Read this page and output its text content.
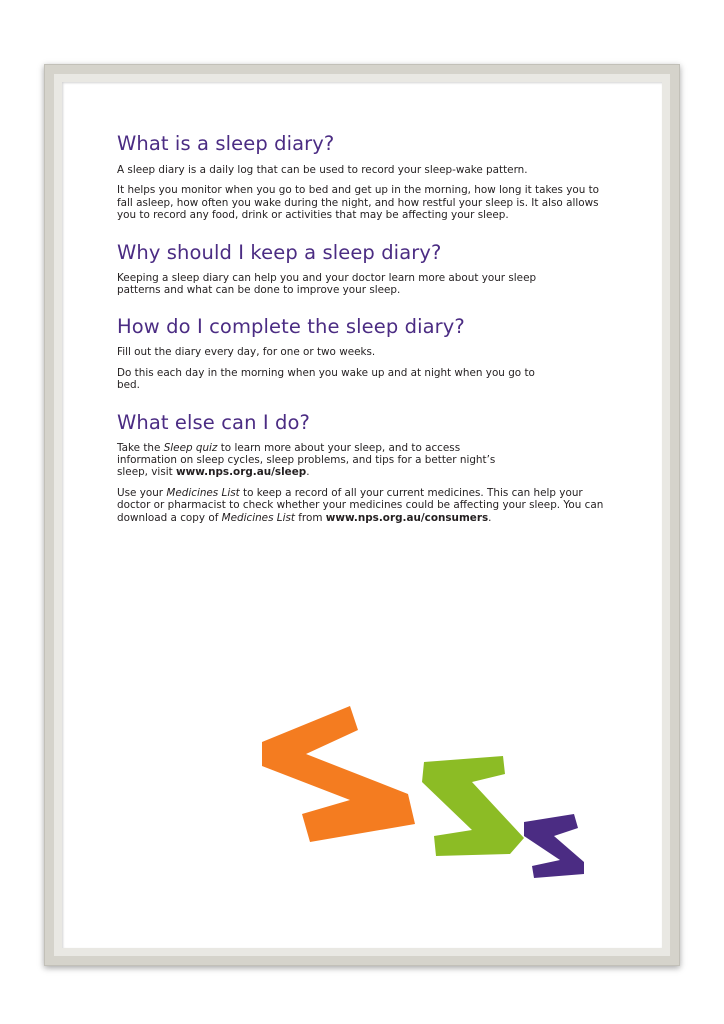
What is a sleep diary?

A sleep diary is a daily log that can be used to record your sleep-wake pattern.

It helps you monitor when you go to bed and get up in the morning, how long it takes you to fall asleep, how often you wake during the night, and how restful your sleep is. It also allows you to record any food, drink or activities that may be affecting your sleep.

Why should I keep a sleep diary?

Keeping a sleep diary can help you and your doctor learn more about your sleep patterns and what can be done to improve your sleep.

How do I complete the sleep diary?

Fill out the diary every day, for one or two weeks.

Do this each day in the morning when you wake up and at night when you go to bed.

What else can I do?

Take the Sleep quiz to learn more about your sleep, and to access information on sleep cycles, sleep problems, and tips for a better night’s sleep, visit www.nps.org.au/sleep.

Use your Medicines List to keep a record of all your current medicines. This can help your doctor or pharmacist to check whether your medicines could be affecting your sleep. You can download a copy of Medicines List from www.nps.org.au/consumers.
